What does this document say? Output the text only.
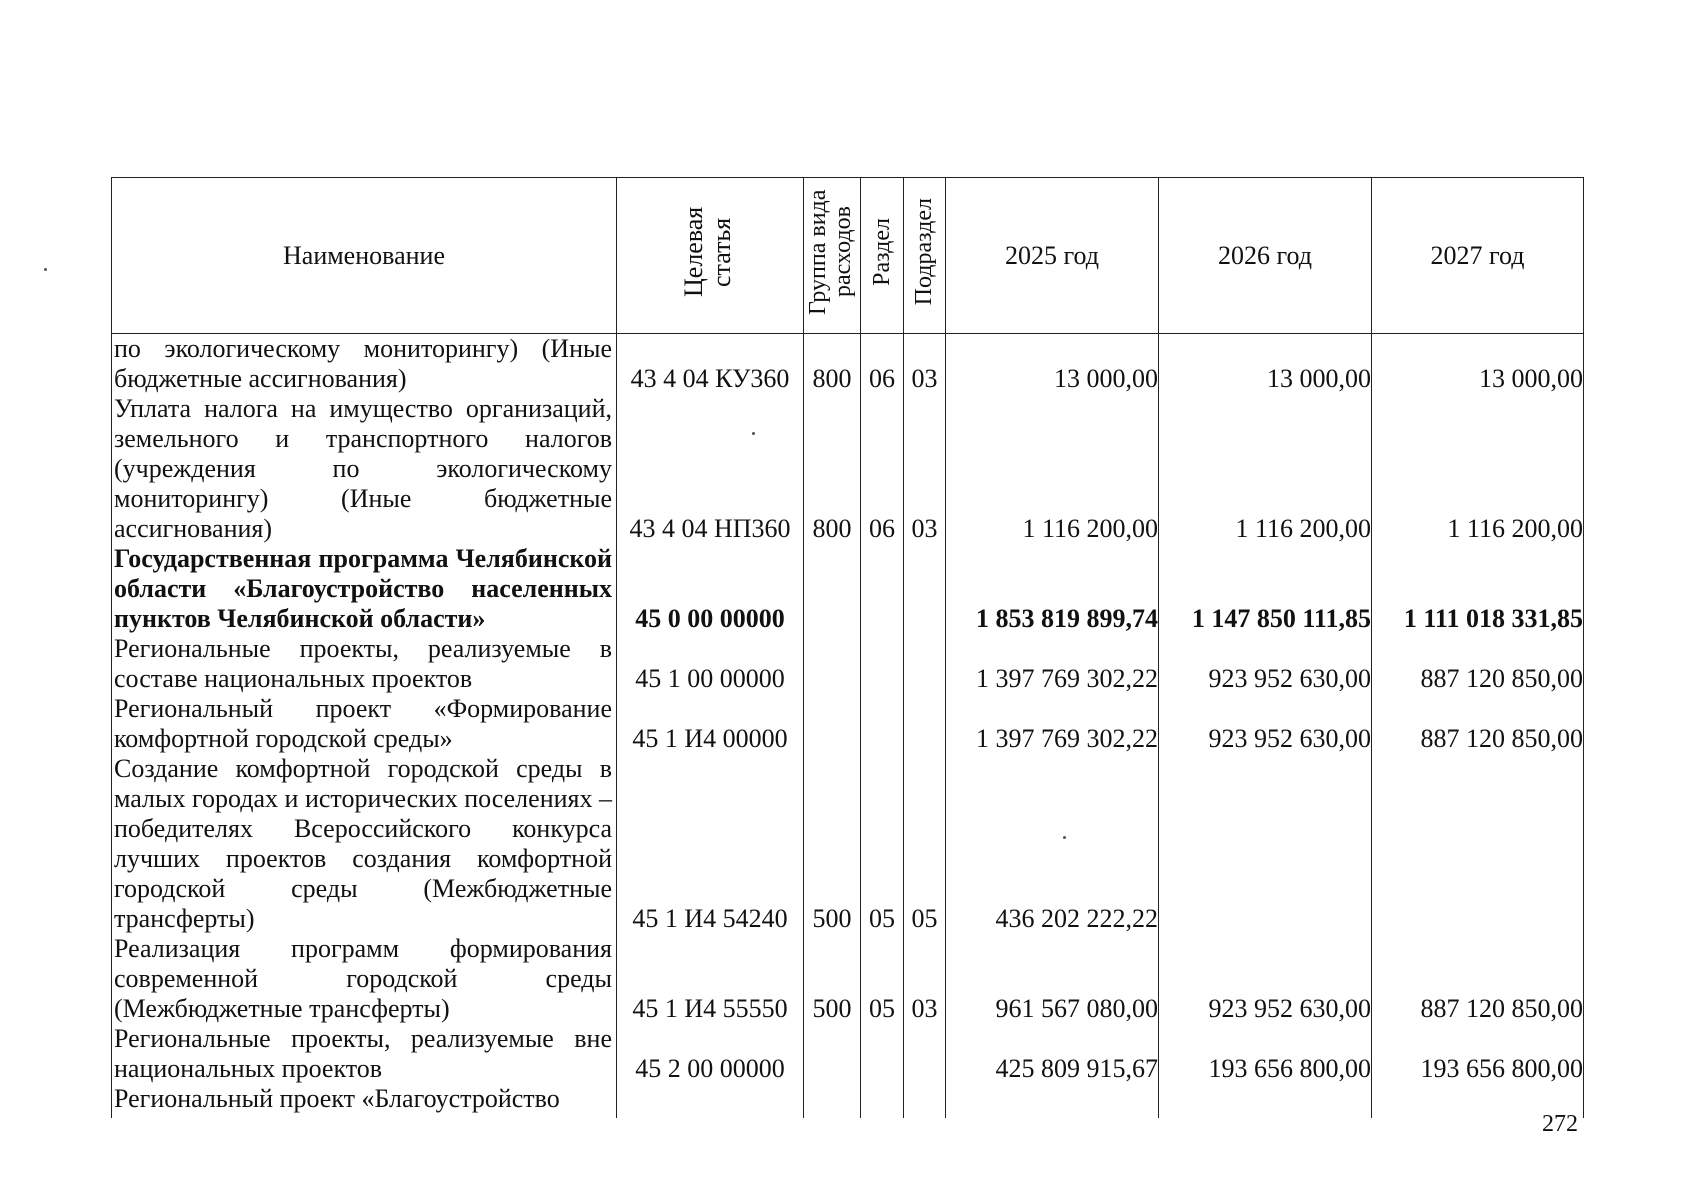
Наименование	Целевая статья	Группа вида расходов	Раздел	Подраздел	2025 год	2026 год	2027 год
по экологическому мониторингу) (Иные бюджетные ассигнования)	43 4 04 КУ360	800	06	03	13 000,00	13 000,00	13 000,00
Уплата налога на имущество организаций, земельного и транспортного налогов (учреждения по экологическому мониторингу) (Иные бюджетные ассигнования)	43 4 04 НП360	800	06	03	1 116 200,00	1 116 200,00	1 116 200,00
Государственная программа Челябинской области «Благоустройство населенных пунктов Челябинской области»	45 0 00 00000				1 853 819 899,74	1 147 850 111,85	1 111 018 331,85
Региональные проекты, реализуемые в составе национальных проектов	45 1 00 00000				1 397 769 302,22	923 952 630,00	887 120 850,00
Региональный проект «Формирование комфортной городской среды»	45 1 И4 00000				1 397 769 302,22	923 952 630,00	887 120 850,00
Создание комфортной городской среды в малых городах и исторических поселениях – победителях Всероссийского конкурса лучших проектов создания комфортной городской среды (Межбюджетные трансферты)	45 1 И4 54240	500	05	05	436 202 222,22		
Реализация программ формирования современной городской среды (Межбюджетные трансферты)	45 1 И4 55550	500	05	03	961 567 080,00	923 952 630,00	887 120 850,00
Региональные проекты, реализуемые вне национальных проектов	45 2 00 00000				425 809 915,67	193 656 800,00	193 656 800,00
Региональный проект «Благоустройство							
272
